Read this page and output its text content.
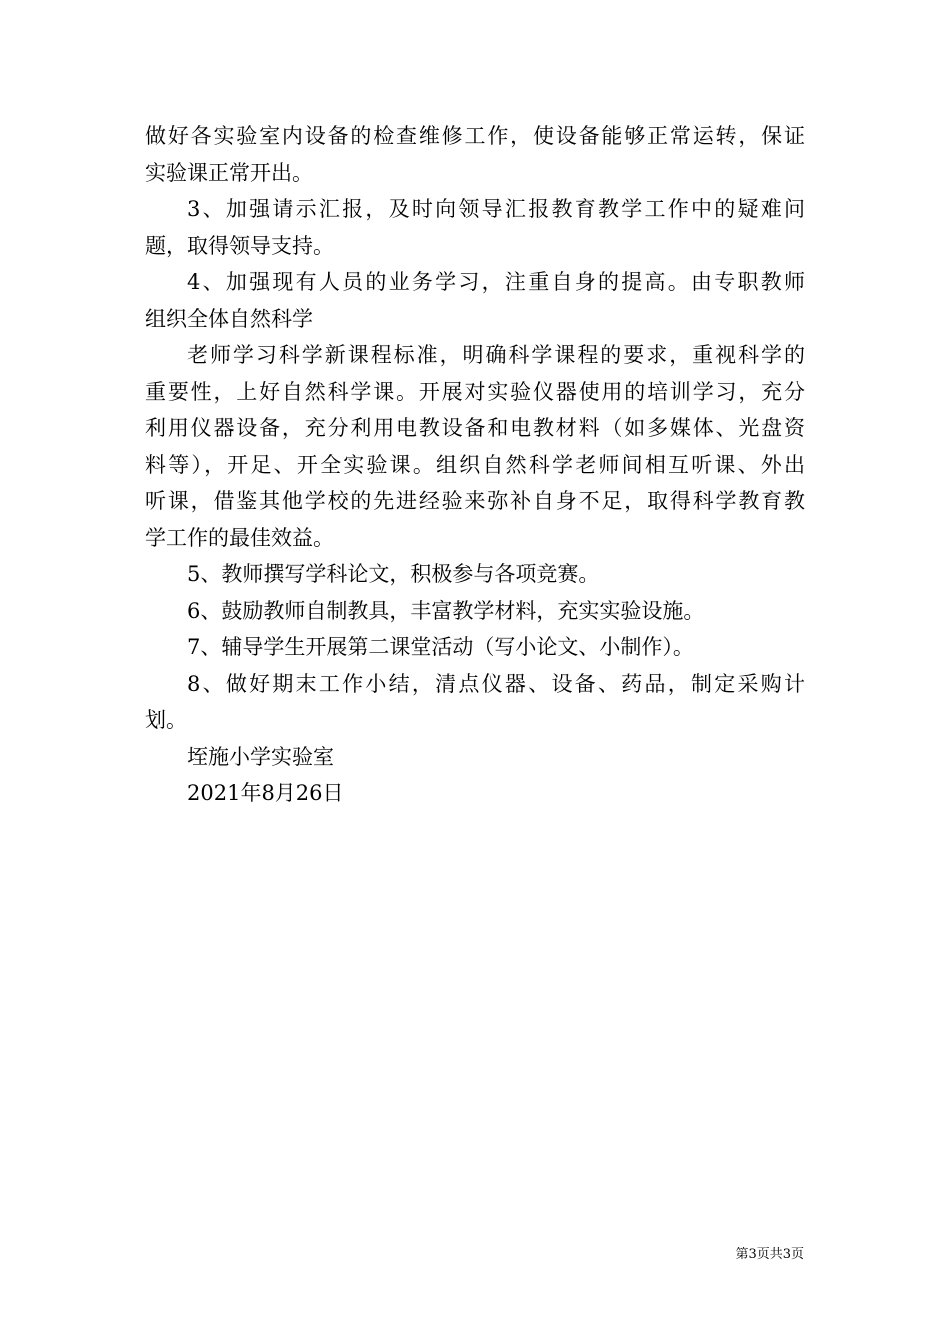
做好各实验室内设备的检查维修工作，使设备能够正常运转，保证
实验课正常开出。

3、加强请示汇报，及时向领导汇报教育教学工作中的疑难问
题，取得领导支持。

4、加强现有人员的业务学习，注重自身的提高。由专职教师
组织全体自然科学

老师学习科学新课程标准，明确科学课程的要求，重视科学的
重要性，上好自然科学课。开展对实验仪器使用的培训学习，充分
利用仪器设备，充分利用电教设备和电教材料（如多媒体、光盘资
料等），开足、开全实验课。组织自然科学老师间相互听课、外出
听课，借鉴其他学校的先进经验来弥补自身不足，取得科学教育教
学工作的最佳效益。

5、教师撰写学科论文，积极参与各项竞赛。

6、鼓励教师自制教具，丰富教学材料，充实实验设施。

7、辅导学生开展第二课堂活动（写小论文、小制作）。

8、做好期末工作小结，清点仪器、设备、药品，制定采购计
划。

垤施小学实验室

2021年8月26日

第3页共3页
